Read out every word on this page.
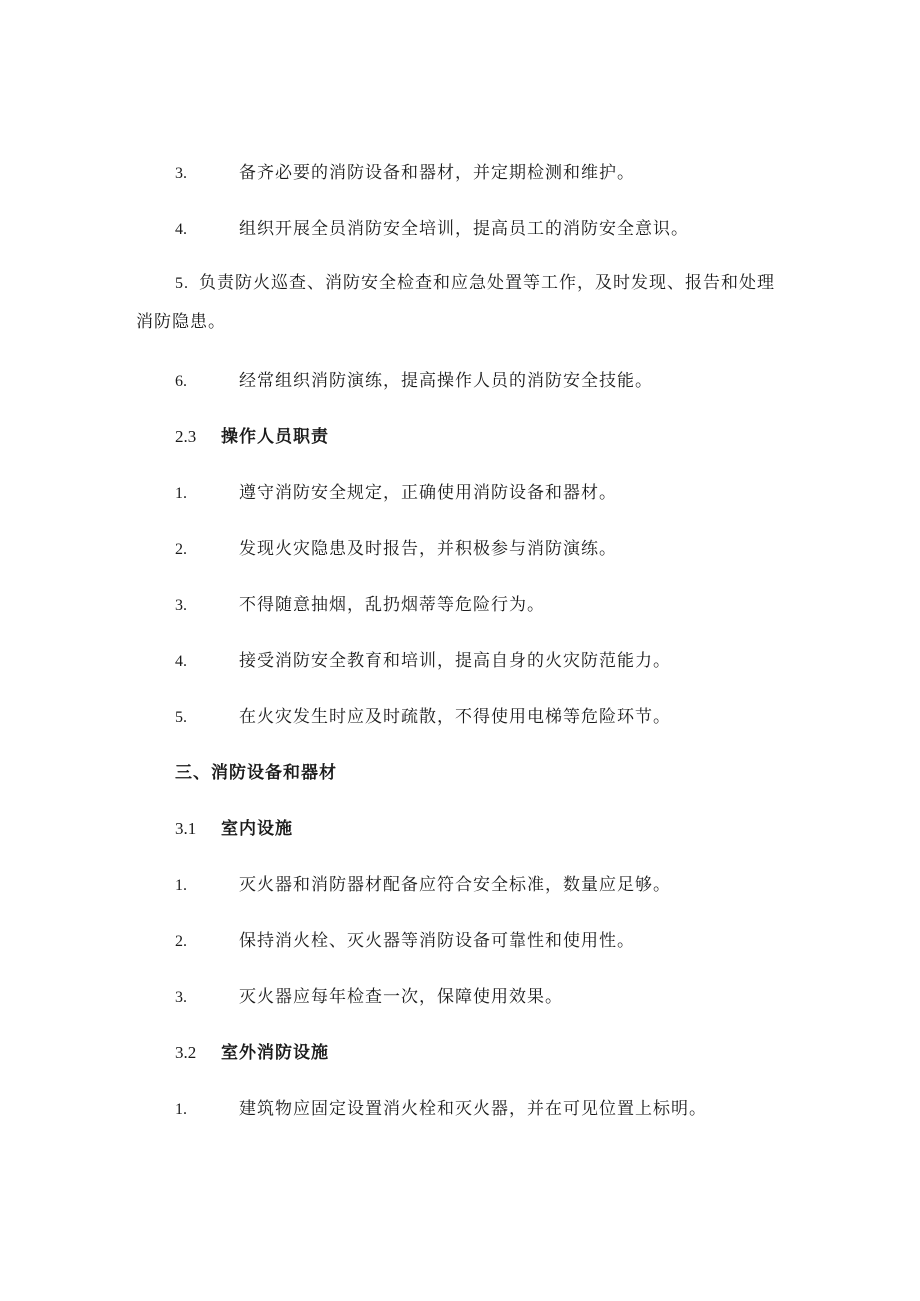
3.	备齐必要的消防设备和器材，并定期检测和维护。
4.	组织开展全员消防安全培训，提高员工的消防安全意识。
5. 负责防火巡查、消防安全检查和应急处置等工作，及时发现、报告和处理消防隐患。
6.	经常组织消防演练，提高操作人员的消防安全技能。
2.3 操作人员职责
1.	遵守消防安全规定，正确使用消防设备和器材。
2.	发现火灾隐患及时报告，并积极参与消防演练。
3.	不得随意抽烟，乱扔烟蒂等危险行为。
4.	接受消防安全教育和培训，提高自身的火灾防范能力。
5.	在火灾发生时应及时疏散，不得使用电梯等危险环节。
三、消防设备和器材
3.1 室内设施
1.	灭火器和消防器材配备应符合安全标准，数量应足够。
2.	保持消火栓、灭火器等消防设备可靠性和使用性。
3.	灭火器应每年检查一次，保障使用效果。
3.2 室外消防设施
1.	建筑物应固定设置消火栓和灭火器，并在可见位置上标明。
